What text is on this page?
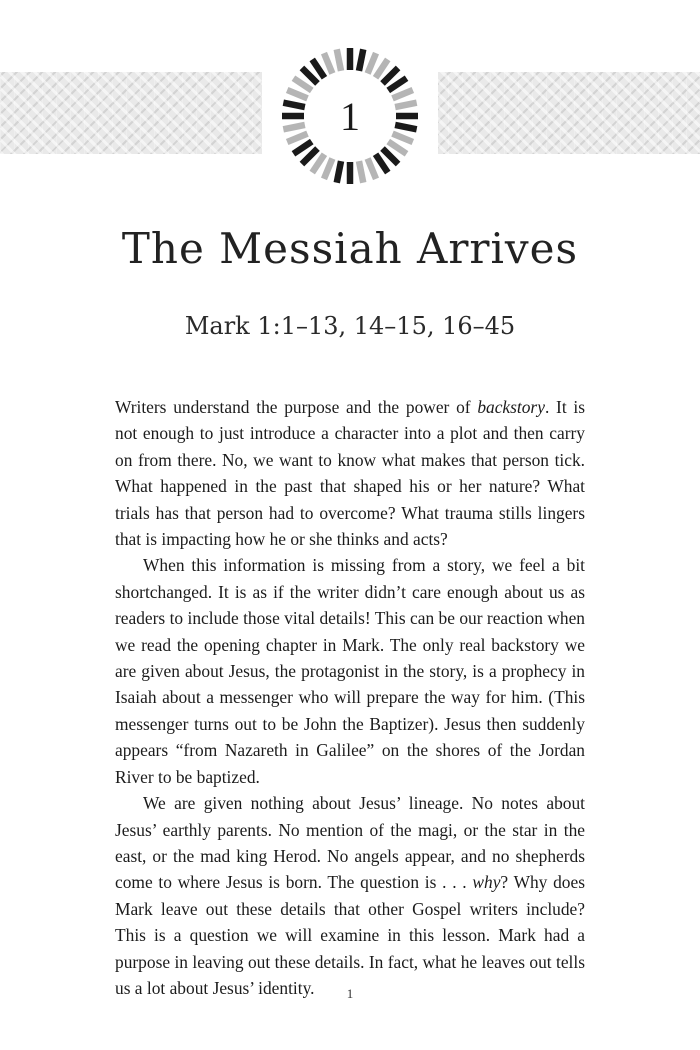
1
The Messiah Arrives
Mark 1:1–13, 14–15, 16–45

Writers understand the purpose and the power of backstory. It is not enough to just introduce a character into a plot and then carry on from there. No, we want to know what makes that person tick. What happened in the past that shaped his or her nature? What trials has that person had to overcome? What trauma stills lingers that is impacting how he or she thinks and acts?

When this information is missing from a story, we feel a bit shortchanged. It is as if the writer didn’t care enough about us as readers to include those vital details! This can be our reaction when we read the opening chapter in Mark. The only real backstory we are given about Jesus, the protagonist in the story, is a prophecy in Isaiah about a messenger who will prepare the way for him. (This messenger turns out to be John the Baptizer). Jesus then suddenly appears “from Nazareth in Galilee” on the shores of the Jordan River to be baptized.

We are given nothing about Jesus’ lineage. No notes about Jesus’ earthly parents. No mention of the magi, or the star in the east, or the mad king Herod. No angels appear, and no shepherds come to where Jesus is born. The question is . . . why? Why does Mark leave out these details that other Gospel writers include? This is a question we will examine in this lesson. Mark had a purpose in leaving out these details. In fact, what he leaves out tells us a lot about Jesus’ identity.	1
